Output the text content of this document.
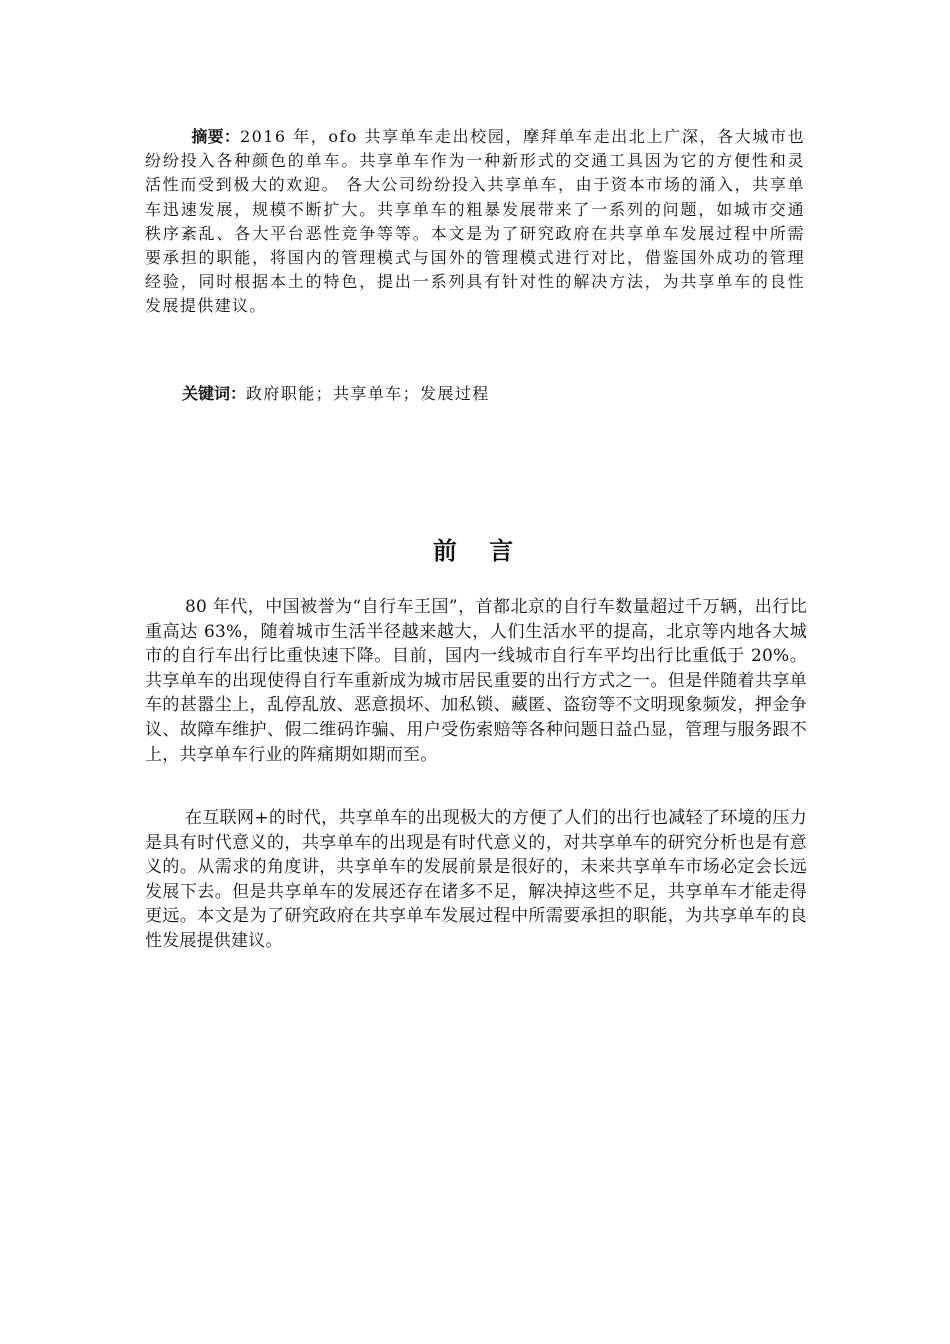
摘要：2016 年，ofo 共享单车走出校园，摩拜单车走出北上广深，各大城市也纷纷投入各种颜色的单车。共享单车作为一种新形式的交通工具因为它的方便性和灵活性而受到极大的欢迎。 各大公司纷纷投入共享单车，由于资本市场的涌入，共享单车迅速发展，规模不断扩大。共享单车的粗暴发展带来了一系列的问题，如城市交通秩序紊乱、各大平台恶性竞争等等。本文是为了研究政府在共享单车发展过程中所需要承担的职能，将国内的管理模式与国外的管理模式进行对比，借鉴国外成功的管理经验，同时根据本土的特色，提出一系列具有针对性的解决方法，为共享单车的良性发展提供建议。

关键词：政府职能；共享单车；发展过程

前 言

80 年代，中国被誉为“自行车王国”，首都北京的自行车数量超过千万辆，出行比重高达 63%，随着城市生活半径越来越大，人们生活水平的提高，北京等内地各大城市的自行车出行比重快速下降。目前，国内一线城市自行车平均出行比重低于 20%。共享单车的出现使得自行车重新成为城市居民重要的出行方式之一。但是伴随着共享单车的甚嚣尘上，乱停乱放、恶意损坏、加私锁、藏匿、盗窃等不文明现象频发，押金争议、故障车维护、假二维码诈骗、用户受伤索赔等各种问题日益凸显，管理与服务跟不上，共享单车行业的阵痛期如期而至。

在互联网+的时代，共享单车的出现极大的方便了人们的出行也减轻了环境的压力是具有时代意义的，共享单车的出现是有时代意义的，对共享单车的研究分析也是有意义的。从需求的角度讲，共享单车的发展前景是很好的，未来共享单车市场必定会长远发展下去。但是共享单车的发展还存在诸多不足，解决掉这些不足，共享单车才能走得更远。本文是为了研究政府在共享单车发展过程中所需要承担的职能，为共享单车的良性发展提供建议。
